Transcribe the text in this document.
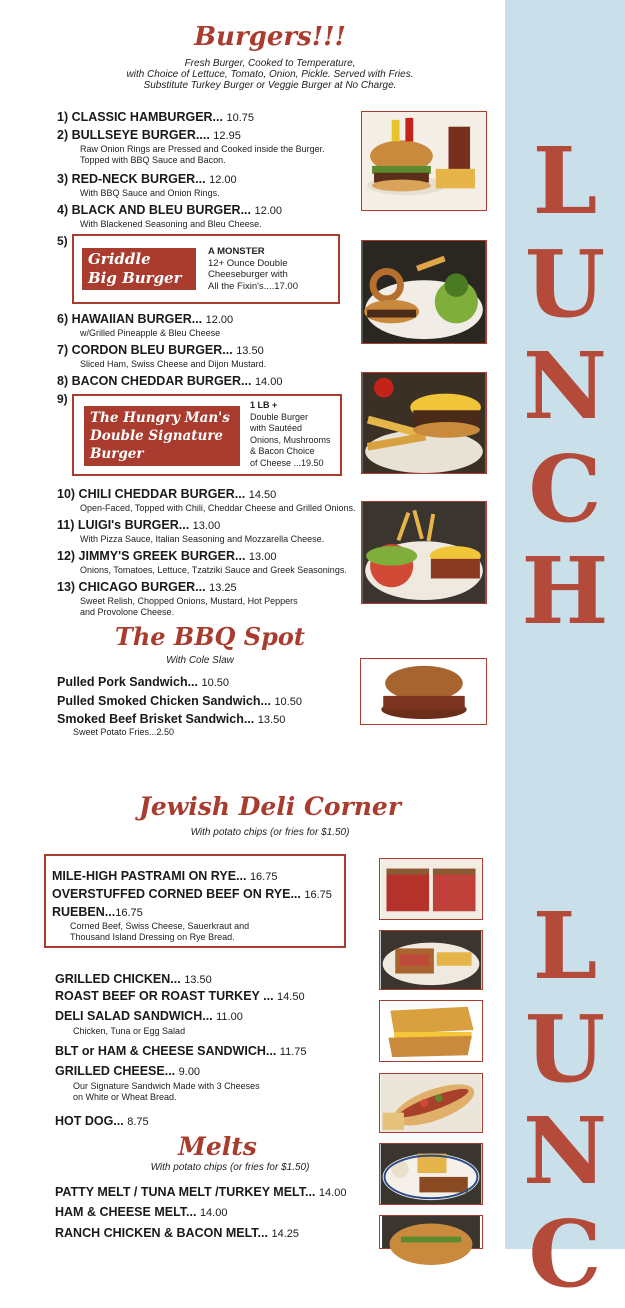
L
U
N
C
H
L
U
N
C
Burgers!!!
Fresh Burger, Cooked to Temperature,
with Choice of Lettuce, Tomato, Onion, Pickle. Served with Fries.
Substitute Turkey Burger or Veggie Burger at No Charge.
1) CLASSIC HAMBURGER... 10.75
2) BULLSEYE BURGER.... 12.95
Raw Onion Rings are Pressed and Cooked inside the Burger.
Topped with BBQ Sauce and Bacon.
3) RED-NECK BURGER... 12.00
With BBQ Sauce and Onion Rings.
4) BLACK AND BLEU BURGER... 12.00
With Blackened Seasoning and Bleu Cheese.
5)
Griddle
Big Burger
A MONSTER
12+ Ounce Double
Cheeseburger with
All the Fixin's....17.00
6) HAWAIIAN BURGER... 12.00
w/Grilled Pineapple & Bleu Cheese
7) CORDON BLEU BURGER... 13.50
Sliced Ham, Swiss Cheese and Dijon Mustard.
8) BACON CHEDDAR BURGER... 14.00
9)
The Hungry Man's
Double Signature
Burger
1 LB +
Double Burger
with Sautéed
Onions, Mushrooms
& Bacon Choice
of Cheese ...19.50
10) CHILI CHEDDAR BURGER... 14.50
Open-Faced, Topped with Chili, Cheddar Cheese and Grilled Onions.
11) LUIGI's BURGER... 13.00
With Pizza Sauce, Italian Seasoning and Mozzarella Cheese.
12) JIMMY'S GREEK BURGER... 13.00
Onions, Tomatoes, Lettuce, Tzatziki Sauce and Greek Seasonings.
13) CHICAGO BURGER... 13.25
Sweet Relish, Chopped Onions, Mustard, Hot Peppers
and Provolone Cheese.
The BBQ Spot
With Cole Slaw
Pulled Pork Sandwich... 10.50
Pulled Smoked Chicken Sandwich... 10.50
Smoked Beef Brisket Sandwich... 13.50
Sweet Potato Fries...2.50
Jewish Deli Corner
With potato chips (or fries for $1.50)
MILE-HIGH PASTRAMI ON RYE... 16.75
OVERSTUFFED CORNED BEEF ON RYE... 16.75
RUEBEN...16.75
Corned Beef, Swiss Cheese, Sauerkraut and
Thousand Island Dressing on Rye Bread.
GRILLED CHICKEN... 13.50
ROAST BEEF OR ROAST TURKEY ... 14.50
DELI SALAD SANDWICH... 11.00
Chicken, Tuna or Egg Salad
BLT or HAM & CHEESE SANDWICH... 11.75
GRILLED CHEESE... 9.00
Our Signature Sandwich Made with 3 Cheeses
on White or Wheat Bread.
HOT DOG... 8.75
Melts
With potato chips (or fries for $1.50)
PATTY MELT / TUNA MELT /TURKEY MELT... 14.00
HAM & CHEESE MELT... 14.00
RANCH CHICKEN & BACON MELT... 14.25
